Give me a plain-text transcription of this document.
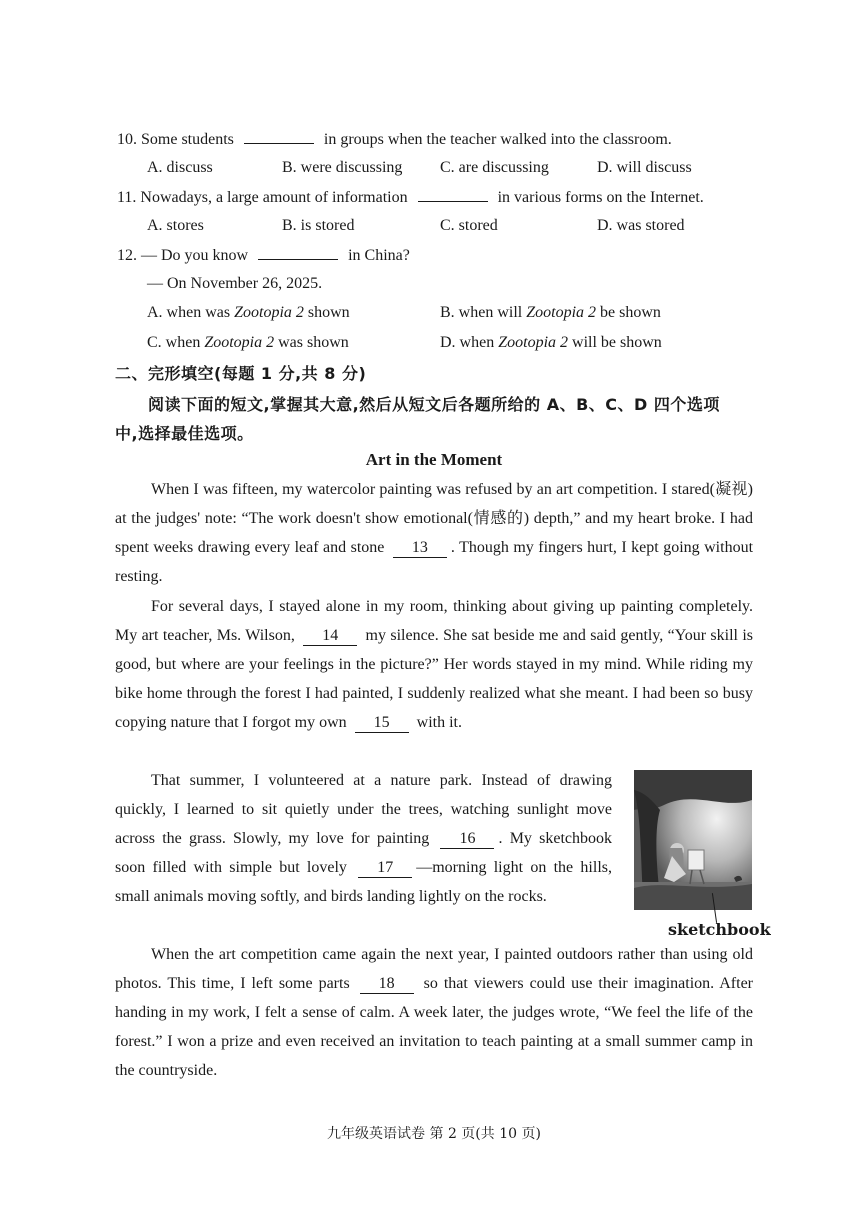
10. Some students	in groups when the teacher walked into the classroom.
A. discuss	B. were discussing C. are discussing	D. will discuss
11. Nowadays, a large amount of information	in various forms on the Internet.
A. stores	B. is stored	C. stored	D. was stored
12. — Do you know	in China?
— On November 26, 2025.
A. when was Zootopia 2 shown	B. when will Zootopia 2 be shown
C. when Zootopia 2 was shown	D. when Zootopia 2 will be shown
二、完形填空(每题 1 分,共 8 分)
阅读下面的短文,掌握其大意,然后从短文后各题所给的 A、B、C、D 四个选项
中,选择最佳选项。
Art in the Moment
When I was fifteen, my watercolor painting was refused by an art competition. I stared(凝视) at the judges' note: “The work doesn't show emotional(情感的) depth,” and my heart broke. I had spent weeks drawing every leaf and stone 13 . Though my fingers hurt, I kept going without resting.
For several days, I stayed alone in my room, thinking about giving up painting completely. My art teacher, Ms. Wilson, 14 my silence. She sat beside me and said gently, “Your skill is good, but where are your feelings in the picture?” Her words stayed in my mind. While riding my bike home through the forest I had painted, I suddenly realized what she meant. I had been so busy copying nature that I forgot my own 15 with it.
That summer, I volunteered at a nature park. Instead of drawing quickly, I learned to sit quietly under the trees, watching sunlight move across the grass. Slowly, my love for painting 16 . My sketchbook soon filled with simple but lovely 17 —morning light on the hills, small animals moving softly, and birds landing lightly on the rocks.
sketchbook
When the art competition came again the next year, I painted outdoors rather than using old photos. This time, I left some parts 18 so that viewers could use their imagination. After handing in my work, I felt a sense of calm. A week later, the judges wrote, “We feel the life of the forest.” I won a prize and even received an invitation to teach painting at a small summer camp in the countryside.
九年级英语试卷 第 2 页(共 10 页)
